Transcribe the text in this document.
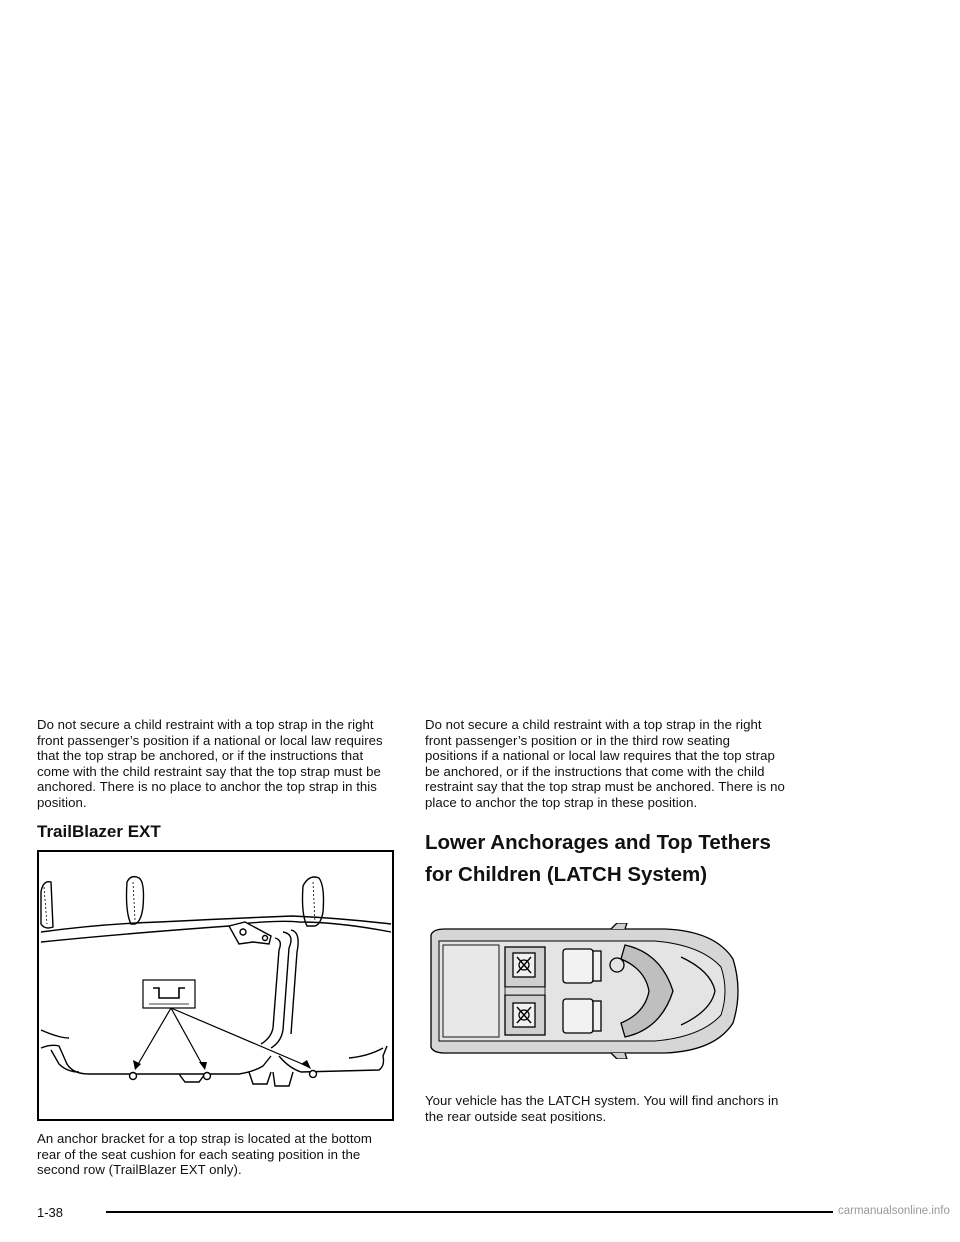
Do not secure a child restraint with a top strap in the right front passenger’s position if a national or local law requires that the top strap be anchored, or if the instructions that come with the child restraint say that the top strap must be anchored. There is no place to anchor the top strap in this position.

TrailBlazer EXT

An anchor bracket for a top strap is located at the bottom rear of the seat cushion for each seating position in the second row (TrailBlazer EXT only).

Do not secure a child restraint with a top strap in the right front passenger’s position or in the third row seating positions if a national or local law requires that the top strap be anchored, or if the instructions that come with the child restraint say that the top strap must be anchored. There is no place to anchor the top strap in these position.

Lower Anchorages and Top Tethers
for Children (LATCH System)

Your vehicle has the LATCH system. You will find anchors in the rear outside seat positions.

1-38	carmanualsonline.info
